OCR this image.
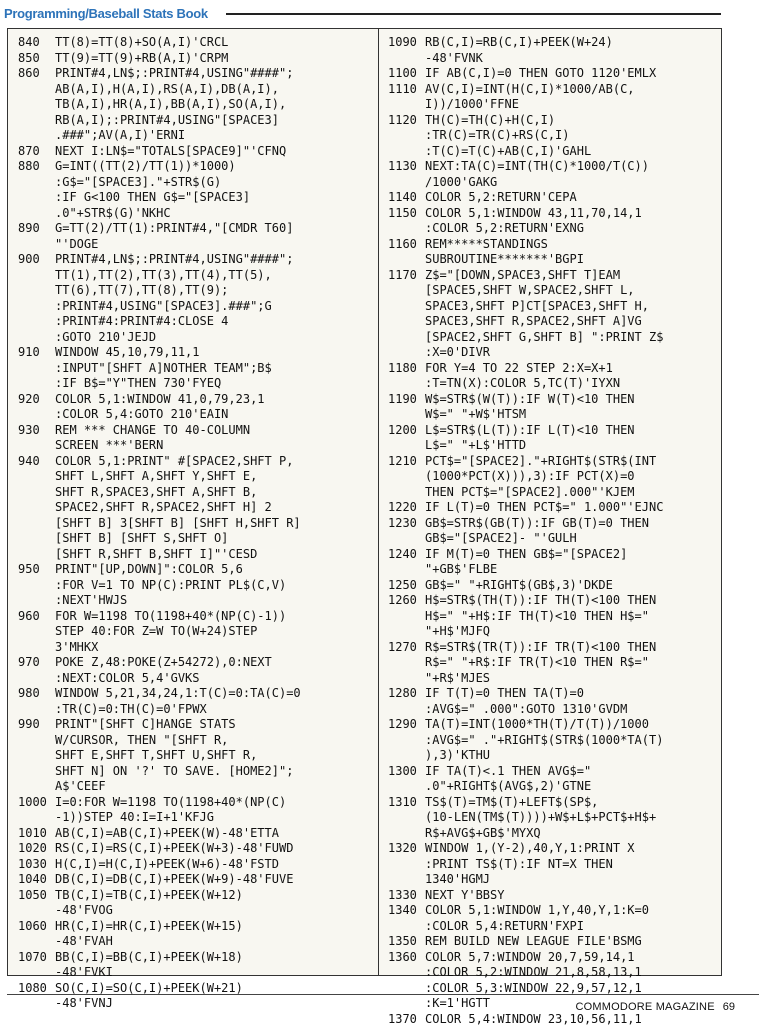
Programming/Baseball Stats Book
840	TT(8)=TT(8)+SO(A,I)'CRCL
850	TT(9)=TT(9)+RB(A,I)'CRPM
860	PRINT#4,LN$;:PRINT#4,USING"####";
AB(A,I),H(A,I),RS(A,I),DB(A,I),
TB(A,I),HR(A,I),BB(A,I),SO(A,I),
RB(A,I);:PRINT#4,USING"[SPACE3]
.###";AV(A,I)'ERNI
870	NEXT I:LN$="TOTALS[SPACE9]"'CFNQ
880	G=INT((TT(2)/TT(1))*1000)
:G$="[SPACE3]."+STR$(G)
:IF G<100 THEN G$="[SPACE3]
.0"+STR$(G)'NKHC
890	G=TT(2)/TT(1):PRINT#4,"[CMDR T60]
"'DOGE
900	PRINT#4,LN$;:PRINT#4,USING"####";
TT(1),TT(2),TT(3),TT(4),TT(5),
TT(6),TT(7),TT(8),TT(9);
:PRINT#4,USING"[SPACE3].###";G
:PRINT#4:PRINT#4:CLOSE 4
:GOTO 210'JEJD
910	WINDOW 45,10,79,11,1
:INPUT"[SHFT A]NOTHER TEAM";B$
:IF B$="Y"THEN 730'FYEQ
920	COLOR 5,1:WINDOW 41,0,79,23,1
:COLOR 5,4:GOTO 210'EAIN
930	REM *** CHANGE TO 40-COLUMN
SCREEN ***'BERN
940	COLOR 5,1:PRINT" #[SPACE2,SHFT P,
SHFT L,SHFT A,SHFT Y,SHFT E,
SHFT R,SPACE3,SHFT A,SHFT B,
SPACE2,SHFT R,SPACE2,SHFT H] 2
[SHFT B] 3[SHFT B] [SHFT H,SHFT R]
[SHFT B] [SHFT S,SHFT O]
[SHFT R,SHFT B,SHFT I]"'CESD
950	PRINT"[UP,DOWN]":COLOR 5,6
:FOR V=1 TO NP(C):PRINT PL$(C,V)
:NEXT'HWJS
960	FOR W=1198 TO(1198+40*(NP(C)-1))
STEP 40:FOR Z=W TO(W+24)STEP
3'MHKX
970	POKE Z,48:POKE(Z+54272),0:NEXT
:NEXT:COLOR 5,4'GVKS
980	WINDOW 5,21,34,24,1:T(C)=0:TA(C)=0
:TR(C)=0:TH(C)=0'FPWX
990	PRINT"[SHFT C]HANGE STATS
W/CURSOR, THEN "[SHFT R,
SHFT E,SHFT T,SHFT U,SHFT R,
SHFT N] ON '?' TO SAVE. [HOME2]";
A$'CEEF
1000 I=0:FOR W=1198 TO(1198+40*(NP(C)
-1))STEP 40:I=I+1'KFJG
1010 AB(C,I)=AB(C,I)+PEEK(W)-48'ETTA
1020 RS(C,I)=RS(C,I)+PEEK(W+3)-48'FUWD
1030 H(C,I)=H(C,I)+PEEK(W+6)-48'FSTD
1040 DB(C,I)=DB(C,I)+PEEK(W+9)-48'FUVE
1050 TB(C,I)=TB(C,I)+PEEK(W+12)
-48'FVOG
1060 HR(C,I)=HR(C,I)+PEEK(W+15)
-48'FVAH
1070 BB(C,I)=BB(C,I)+PEEK(W+18)
-48'FVKI
1080 SO(C,I)=SO(C,I)+PEEK(W+21)
-48'FVNJ
1090 RB(C,I)=RB(C,I)+PEEK(W+24)
-48'FVNK
1100 IF AB(C,I)=0 THEN GOTO 1120'EMLX
1110 AV(C,I)=INT(H(C,I)*1000/AB(C,
I))/1000'FFNE
1120 TH(C)=TH(C)+H(C,I)
:TR(C)=TR(C)+RS(C,I)
:T(C)=T(C)+AB(C,I)'GAHL
1130 NEXT:TA(C)=INT(TH(C)*1000/T(C))
/1000'GAKG
1140 COLOR 5,2:RETURN'CEPA
1150 COLOR 5,1:WINDOW 43,11,70,14,1
:COLOR 5,2:RETURN'EXNG
1160 REM*****STANDINGS
SUBROUTINE*******'BGPI
1170 Z$="[DOWN,SPACE3,SHFT T]EAM
[SPACE5,SHFT W,SPACE2,SHFT L,
SPACE3,SHFT P]CT[SPACE3,SHFT H,
SPACE3,SHFT R,SPACE2,SHFT A]VG
[SPACE2,SHFT G,SHFT B] ":PRINT Z$
:X=0'DIVR
1180 FOR Y=4 TO 22 STEP 2:X=X+1
:T=TN(X):COLOR 5,TC(T)'IYXN
1190 W$=STR$(W(T)):IF W(T)<10 THEN
W$=" "+W$'HTSM
1200 L$=STR$(L(T)):IF L(T)<10 THEN
L$=" "+L$'HTTD
1210 PCT$="[SPACE2]."+RIGHT$(STR$(INT
(1000*PCT(X))),3):IF PCT(X)=0
THEN PCT$="[SPACE2].000"'KJEM
1220 IF L(T)=0 THEN PCT$=" 1.000"'EJNC
1230 GB$=STR$(GB(T)):IF GB(T)=0 THEN
GB$="[SPACE2]- "'GULH
1240 IF M(T)=0 THEN GB$="[SPACE2]
"+GB$'FLBE
1250 GB$=" "+RIGHT$(GB$,3)'DKDE
1260 H$=STR$(TH(T)):IF TH(T)<100 THEN
H$=" "+H$:IF TH(T)<10 THEN H$="
"+H$'MJFQ
1270 R$=STR$(TR(T)):IF TR(T)<100 THEN
R$=" "+R$:IF TR(T)<10 THEN R$="
"+R$'MJES
1280 IF T(T)=0 THEN TA(T)=0
:AVG$=" .000":GOTO 1310'GVDM
1290 TA(T)=INT(1000*TH(T)/T(T))/1000
:AVG$=" ."+RIGHT$(STR$(1000*TA(T)
),3)'KTHU
1300 IF TA(T)<.1 THEN AVG$="
.0"+RIGHT$(AVG$,2)'GTNE
1310 TS$(T)=TM$(T)+LEFT$(SP$,
(10-LEN(TM$(T))))+W$+L$+PCT$+H$+
R$+AVG$+GB$'MYXQ
1320 WINDOW 1,(Y-2),40,Y,1:PRINT X
:PRINT TS$(T):IF NT=X THEN
1340'HGMJ
1330 NEXT Y'BBSY
1340 COLOR 5,1:WINDOW 1,Y,40,Y,1:K=0
:COLOR 5,4:RETURN'FXPI
1350 REM BUILD NEW LEAGUE FILE'BSMG
1360 COLOR 5,7:WINDOW 20,7,59,14,1
:COLOR 5,2:WINDOW 21,8,58,13,1
:COLOR 5,3:WINDOW 22,9,57,12,1
:K=1'HGTT
1370 COLOR 5,4:WINDOW 23,10,56,11,1
COMMODORE MAGAZINE 69
